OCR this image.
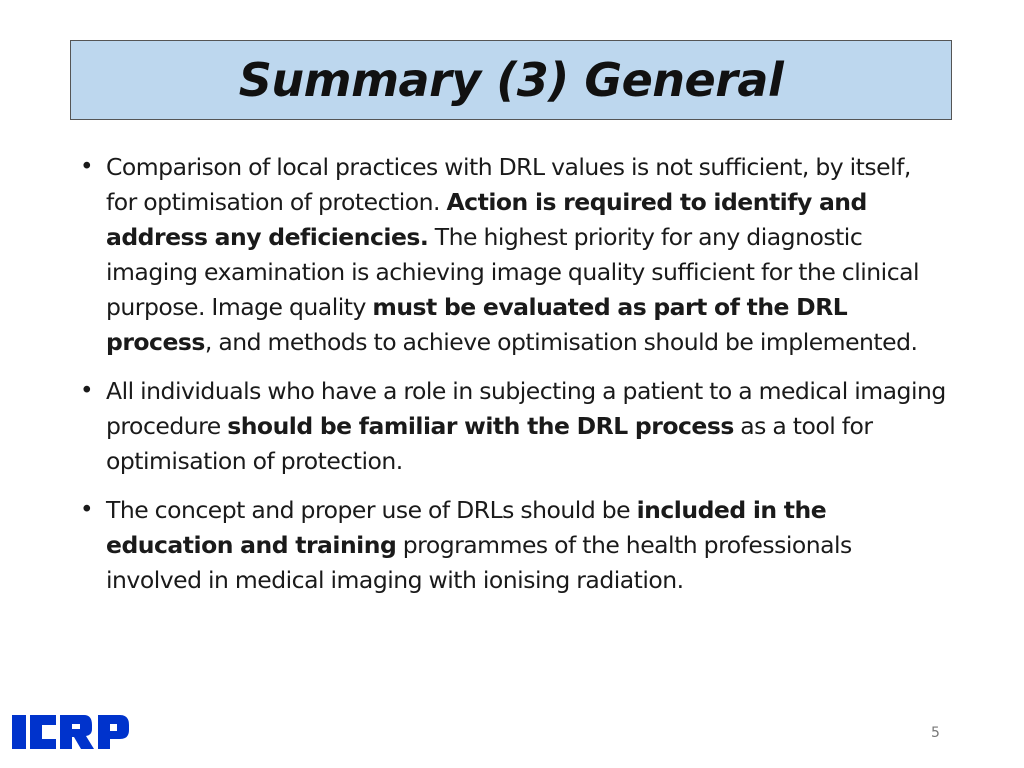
Summary (3) General
• Comparison of local practices with DRL values is not sufficient, by itself, for optimisation of protection. Action is required to identify and address any deficiencies. The highest priority for any diagnostic imaging examination is achieving image quality sufficient for the clinical purpose. Image quality must be evaluated as part of the DRL process, and methods to achieve optimisation should be implemented.
• All individuals who have a role in subjecting a patient to a medical imaging procedure should be familiar with the DRL process as a tool for optimisation of protection.
• The concept and proper use of DRLs should be included in the education and training programmes of the health professionals involved in medical imaging with ionising radiation.
5
